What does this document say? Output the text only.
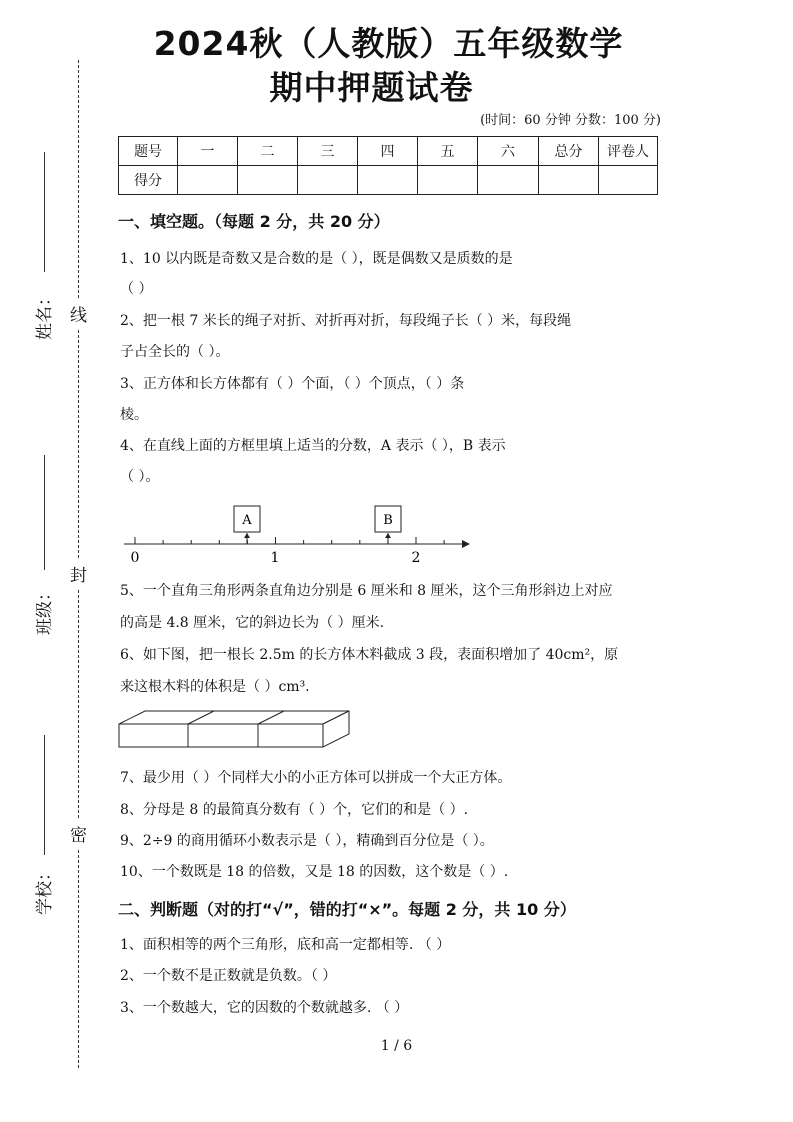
线
封
密
姓名：
班级：
学校：
2024秋（人教版）五年级数学
期中押题试卷
(时间：60 分钟 分数：100 分)
题号	一	二	三	四	五	六	总分	评卷人
得分								
一、填空题。（每题 2 分，共 20 分）
1、10 以内既是奇数又是合数的是（ ），既是偶数又是质数的是
（ ）
2、把一根 7 米长的绳子对折、对折再对折，每段绳子长（ ）米，每段绳
子占全长的（ ）。
3、正方体和长方体都有（ ）个面，（ ）个顶点，（ ）条
棱。
4、在直线上面的方框里填上适当的分数，A 表示（ ），B 表示
（ ）。
A	B
0	1	2
5、一个直角三角形两条直角边分别是 6 厘米和 8 厘米，这个三角形斜边上对应
的高是 4.8 厘米，它的斜边长为（ ）厘米.
6、如下图，把一根长 2.5m 的长方体木料截成 3 段，表面积增加了 40cm²，原
来这根木料的体积是（ ）cm³.
7、最少用（ ）个同样大小的小正方体可以拼成一个大正方体。
8、分母是 8 的最简真分数有（ ）个，它们的和是（ ）.
9、2÷9 的商用循环小数表示是（ ），精确到百分位是（ ）。
10、一个数既是 18 的倍数，又是 18 的因数，这个数是（ ）.
二、判断题（对的打“√”，错的打“×”。每题 2 分，共 10 分）
1、面积相等的两个三角形，底和高一定都相等. （ ）
2、一个数不是正数就是负数。（ ）
3、一个数越大，它的因数的个数就越多. （ ）
1 / 6
